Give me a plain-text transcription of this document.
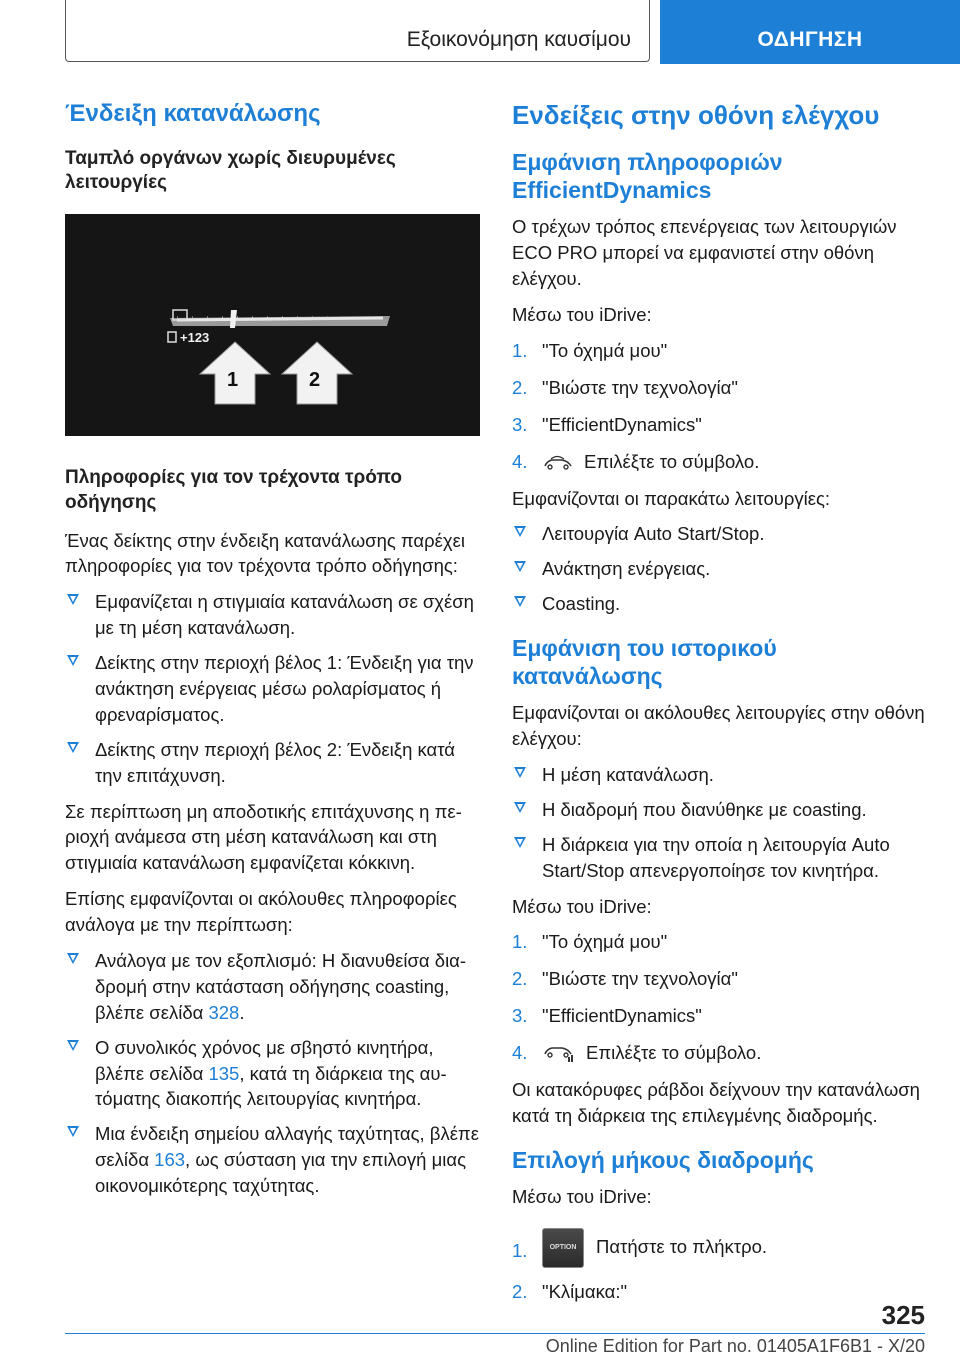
Εξοικονόμηση καυσίμου	ΟΔΗΓΗΣΗ
Ένδειξη κατανάλωσης
Ταμπλό οργάνων χωρίς διευρυμένες λειτουργίες
+123
1	2
Πληροφορίες για τον τρέχοντα τρόπο οδήγησης

Ένας δείκτης στην ένδειξη κατανάλωσης παρέχει πληροφορίες για τον τρέχοντα τρόπο οδήγησης:

Εμφανίζεται η στιγμιαία κατανάλωση σε σχέση με τη μέση κατανάλωση.
Δείκτης στην περιοχή βέλος 1: Ένδειξη για την ανάκτηση ενέργειας μέσω ρολαρίσματος ή φρεναρίσματος.
Δείκτης στην περιοχή βέλος 2: Ένδειξη κατά την επιτάχυνση.

Σε περίπτωση μη αποδοτικής επιτάχυνσης η περιοχή ανάμεσα στη μέση κατανάλωση και στη στιγμιαία κατανάλωση εμφανίζεται κόκκινη.

Επίσης εμφανίζονται οι ακόλουθες πληροφορίες ανάλογα με την περίπτωση:

Ανάλογα με τον εξοπλισμό: Η διανυθείσα διαδρομή στην κατάσταση οδήγησης coasting, βλέπε σελίδα 328.
Ο συνολικός χρόνος με σβηστό κινητήρα, βλέπε σελίδα 135, κατά τη διάρκεια της αυτόματης διακοπής λειτουργίας κινητήρα.
Μια ένδειξη σημείου αλλαγής ταχύτητας, βλέπε σελίδα 163, ως σύσταση για την επιλογή μιας οικονομικότερης ταχύτητας.
Ενδείξεις στην οθόνη ελέγχου
Εμφάνιση πληροφοριών EfficientDynamics

Ο τρέχων τρόπος επενέργειας των λειτουργιών ECO PRO μπορεί να εμφανιστεί στην οθόνη ελέγχου.

Μέσω του iDrive:

1. "Το όχημά μου"
2. "Βιώστε την τεχνολογία"
3. "EfficientDynamics"
4.	Επιλέξτε το σύμβολο.

Εμφανίζονται οι παρακάτω λειτουργίες:

Λειτουργία Auto Start/Stop.
Ανάκτηση ενέργειας.
Coasting.
Εμφάνιση του ιστορικού κατανάλωσης

Εμφανίζονται οι ακόλουθες λειτουργίες στην οθόνη ελέγχου:

Η μέση κατανάλωση.
Η διαδρομή που διανύθηκε με coasting.
Η διάρκεια για την οποία η λειτουργία Auto Start/Stop απενεργοποίησε τον κινητήρα.

Μέσω του iDrive:

1. "Το όχημά μου"
2. "Βιώστε την τεχνολογία"
3. "EfficientDynamics"
4.	Επιλέξτε το σύμβολο.

Οι κατακόρυφες ράβδοι δείχνουν την κατανάλωση κατά τη διάρκεια της επιλεγμένης διαδρομής.

Επιλογή μήκους διαδρομής

Μέσω του iDrive:

1.	OPTION	Πατήστε το πλήκτρο.
2. "Κλίμακα:"
325
Online Edition for Part no. 01405A1F6B1 - X/20
